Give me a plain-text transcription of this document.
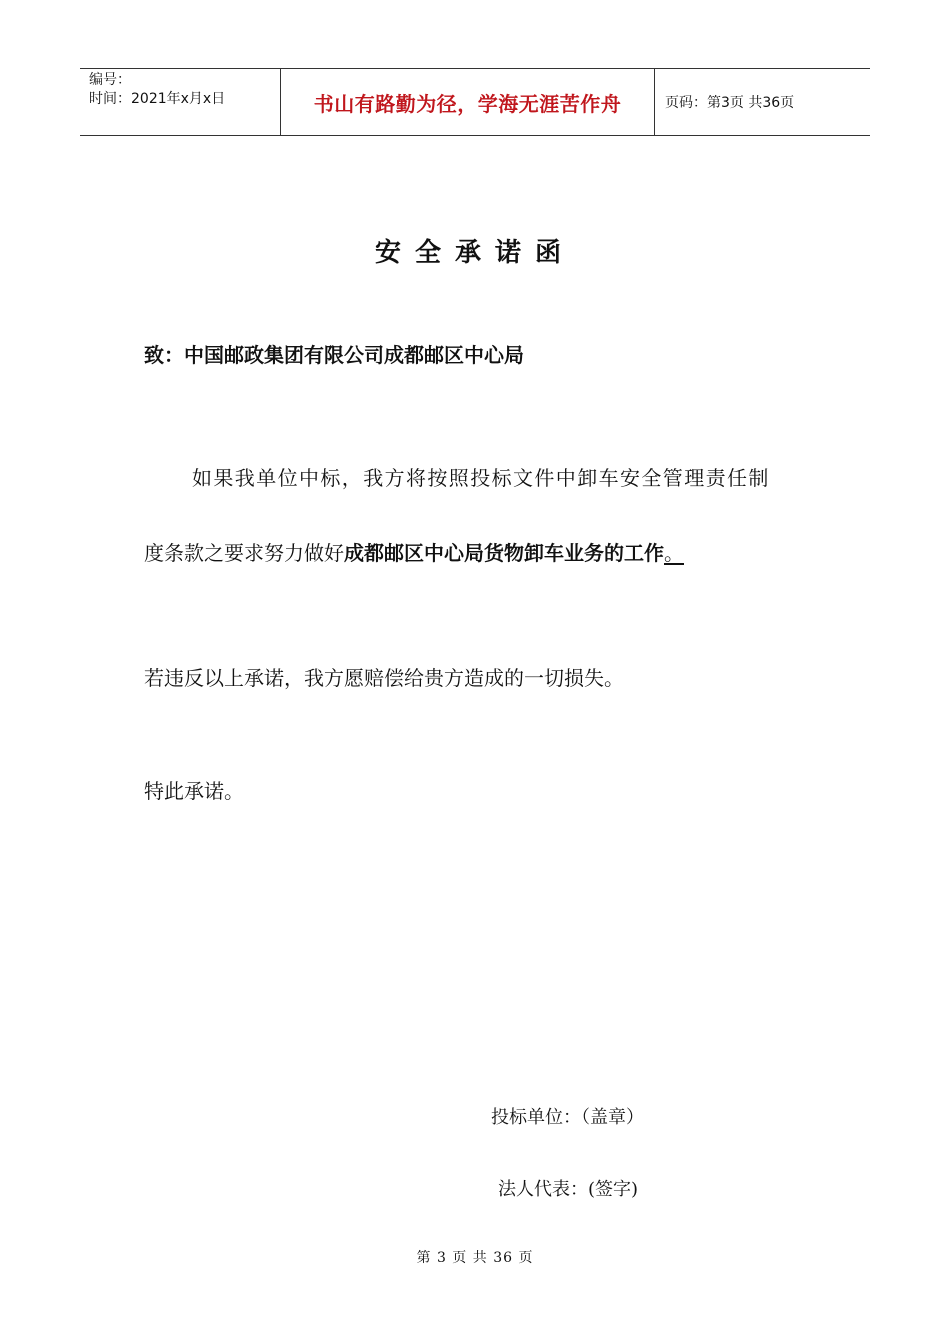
编号：
时间：2021年x月x日	书山有路勤为径，学海无涯苦作舟	页码：第3页 共36页
安全承诺函
致：中国邮政集团有限公司成都邮区中心局
如果我单位中标，我方将按照投标文件中卸车安全管理责任制
度条款之要求努力做好成都邮区中心局货物卸车业务的工作。
若违反以上承诺，我方愿赔偿给贵方造成的一切损失。
特此承诺。
投标单位：（盖章）
法人代表：(签字)
第 3 页 共 36 页
